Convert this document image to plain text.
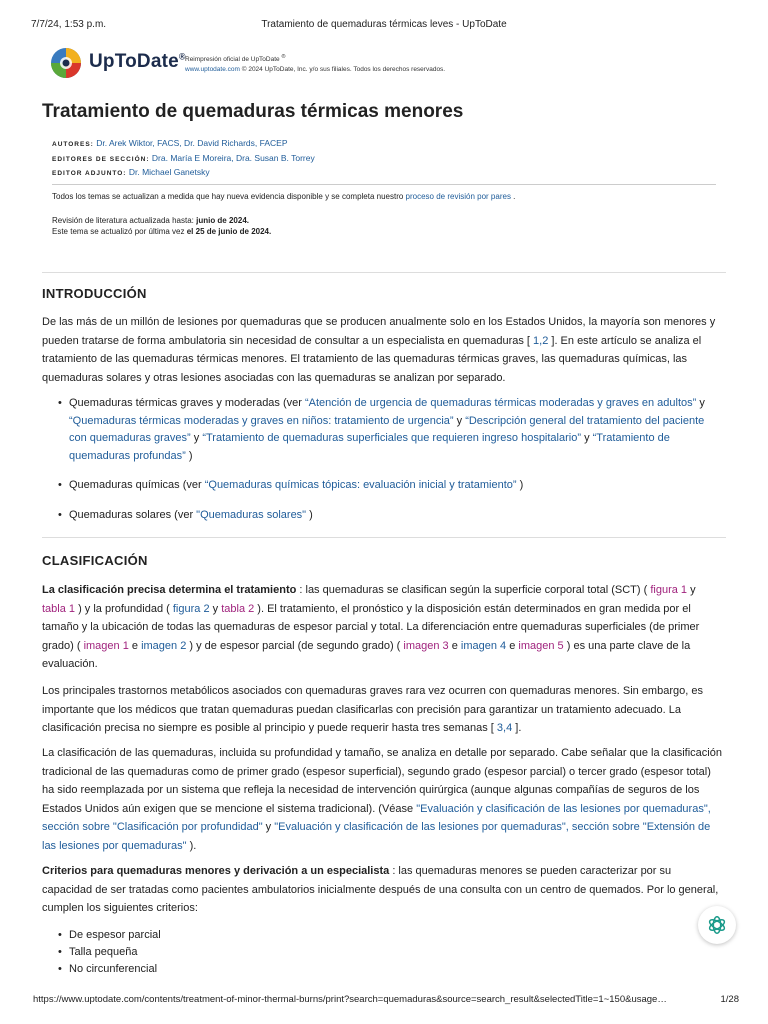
7/7/24, 1:53 p.m.	Tratamiento de quemaduras térmicas leves - UpToDate
UpToDate® Reimpresión oficial de UpToDate ®
www.uptodate.com © 2024 UpToDate, Inc. y/o sus filiales. Todos los derechos reservados.
Tratamiento de quemaduras térmicas menores
AUTORES: Dr. Arek Wiktor, FACS, Dr. David Richards, FACEP
EDITORES DE SECCIÓN: Dra. María E Moreira, Dra. Susan B. Torrey
EDITOR ADJUNTO: Dr. Michael Ganetsky
Todos los temas se actualizan a medida que hay nueva evidencia disponible y se completa nuestro proceso de revisión por pares .
Revisión de literatura actualizada hasta: junio de 2024.
Este tema se actualizó por última vez el 25 de junio de 2024.
INTRODUCCIÓN

De las más de un millón de lesiones por quemaduras que se producen anualmente solo en los Estados Unidos, la mayoría son menores y pueden tratarse de forma ambulatoria sin necesidad de consultar a un especialista en quemaduras [ 1,2 ]. En este artículo se analiza el tratamiento de las quemaduras térmicas menores. El tratamiento de las quemaduras térmicas graves, las quemaduras químicas, las quemaduras solares y otras lesiones asociadas con las quemaduras se analizan por separado.

• Quemaduras térmicas graves y moderadas (ver “Atención de urgencia de quemaduras térmicas moderadas y graves en adultos” y “Quemaduras térmicas moderadas y graves en niños: tratamiento de urgencia” y “Descripción general del tratamiento del paciente con quemaduras graves” y “Tratamiento de quemaduras superficiales que requieren ingreso hospitalario” y “Tratamiento de quemaduras profundas” )
• Quemaduras químicas (ver “Quemaduras químicas tópicas: evaluación inicial y tratamiento” )
• Quemaduras solares (ver "Quemaduras solares" )
CLASIFICACIÓN

La clasificación precisa determina el tratamiento : las quemaduras se clasifican según la superficie corporal total (SCT) ( figura 1 y tabla 1 ) y la profundidad ( figura 2 y tabla 2 ). El tratamiento, el pronóstico y la disposición están determinados en gran medida por el tamaño y la ubicación de todas las quemaduras de espesor parcial y total. La diferenciación entre quemaduras superficiales (de primer grado) ( imagen 1 e imagen 2 ) y de espesor parcial (de segundo grado) ( imagen 3 e imagen 4 e imagen 5 ) es una parte clave de la evaluación.

Los principales trastornos metabólicos asociados con quemaduras graves rara vez ocurren con quemaduras menores. Sin embargo, es importante que los médicos que tratan quemaduras puedan clasificarlas con precisión para garantizar un tratamiento adecuado. La clasificación precisa no siempre es posible al principio y puede requerir hasta tres semanas [ 3,4 ].

La clasificación de las quemaduras, incluida su profundidad y tamaño, se analiza en detalle por separado. Cabe señalar que la clasificación tradicional de las quemaduras como de primer grado (espesor superficial), segundo grado (espesor parcial) o tercer grado (espesor total) ha sido reemplazada por un sistema que refleja la necesidad de intervención quirúrgica (aunque algunas compañías de seguros de los Estados Unidos aún exigen que se mencione el sistema tradicional). (Véase "Evaluación y clasificación de las lesiones por quemaduras", sección sobre "Clasificación por profundidad" y "Evaluación y clasificación de las lesiones por quemaduras", sección sobre "Extensión de las lesiones por quemaduras" ).

Criterios para quemaduras menores y derivación a un especialista : las quemaduras menores se pueden caracterizar por su capacidad de ser tratadas como pacientes ambulatorios inicialmente después de una consulta con un centro de quemados. Por lo general, cumplen los siguientes criterios:

• De espesor parcial
• Talla pequeña
• No circunferencial
https://www.uptodate.com/contents/treatment-of-minor-thermal-burns/print?search=quemaduras&source=search_result&selectedTitle=1~150&usage…	1/28
